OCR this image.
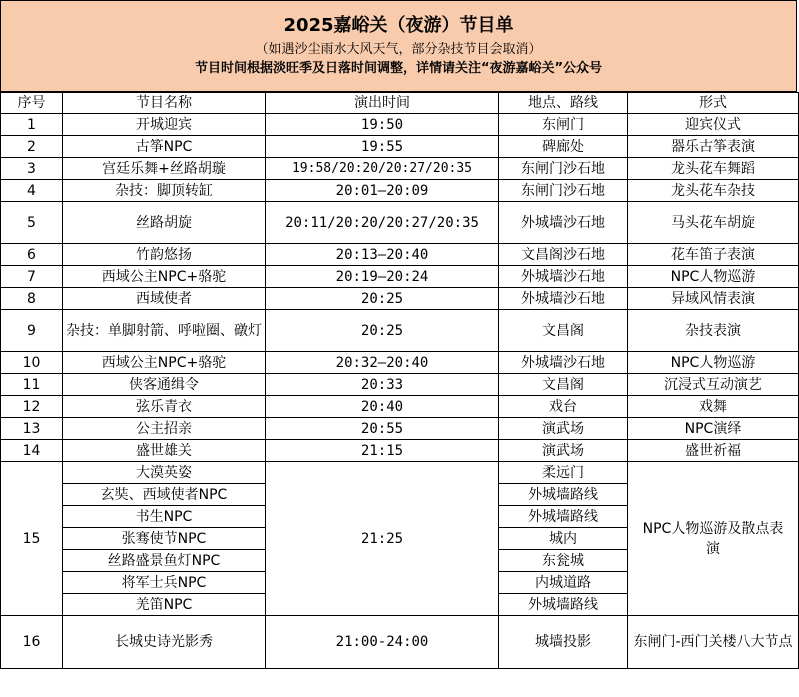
2025嘉峪关（夜游）节目单
（如遇沙尘雨水大风天气，部分杂技节目会取消）
节目时间根据淡旺季及日落时间调整，详情请关注“夜游嘉峪关”公众号
序号	节目名称	演出时间	地点、路线	形式
1	开城迎宾	19:50	东闸门	迎宾仪式
2	古筝NPC	19:55	碑廊处	器乐古筝表演
3	宫廷乐舞+丝路胡璇	19:58/20:20/20:27/20:35	东闸门沙石地	龙头花车舞蹈
4	杂技：脚顶转缸	20:01—20:09	东闸门沙石地	龙头花车杂技
5	丝路胡旋	20:11/20:20/20:27/20:35	外城墙沙石地	马头花车胡旋
6	竹韵悠扬	20:13—20:40	文昌阁沙石地	花车笛子表演
7	西域公主NPC+骆驼	20:19—20:24	外城墙沙石地	NPC人物巡游
8	西域使者	20:25	外城墙沙石地	异域风情表演
9	杂技：单脚射箭、呼啦圈、礅灯	20:25	文昌阁	杂技表演
10	西域公主NPC+骆驼	20:32—20:40	外城墙沙石地	NPC人物巡游
11	侠客通缉令	20:33	文昌阁	沉浸式互动演艺
12	弦乐青衣	20:40	戏台	戏舞
13	公主招亲	20:55	演武场	NPC演绎
14	盛世雄关	21:15	演武场	盛世祈福
15	大漠英姿	21:25	柔远门	NPC人物巡游及散点表演
	玄奘、西域使者NPC		外城墙路线	
	书生NPC		外城墙路线	
	张骞使节NPC		城内	
	丝路盛景鱼灯NPC		东瓮城	
	将军士兵NPC		内城道路	
	羌笛NPC		外城墙路线	
16	长城史诗光影秀	21:00-24:00	城墙投影	东闸门-西门关楼八大节点
